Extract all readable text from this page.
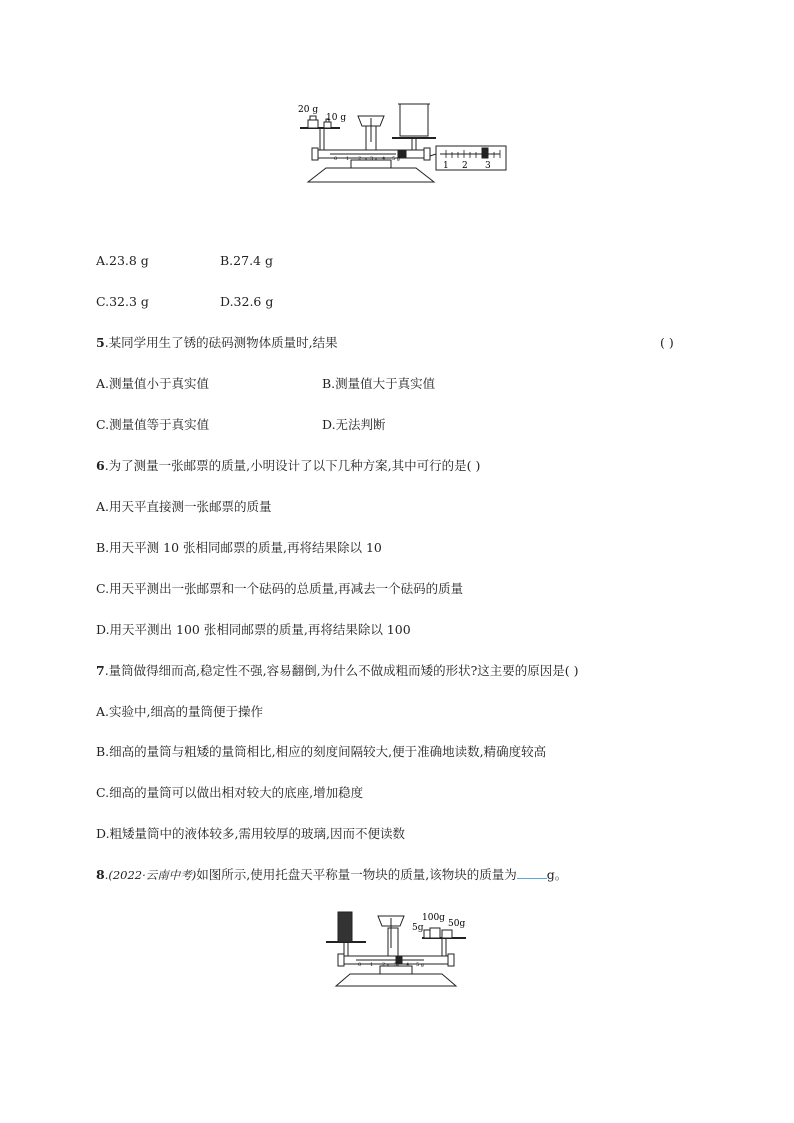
20 g
10 g
0 1 2 3 4 5 g
1 2 3
A.23.8 g	B.27.4 g
C.32.3 g	D.32.6 g
5.某同学用生了锈的砝码测物体质量时,结果	( )
A.测量值小于真实值	B.测量值大于真实值
C.测量值等于真实值	D.无法判断
6.为了测量一张邮票的质量,小明设计了以下几种方案,其中可行的是( )
A.用天平直接测一张邮票的质量
B.用天平测 10 张相同邮票的质量,再将结果除以 10
C.用天平测出一张邮票和一个砝码的总质量,再减去一个砝码的质量
D.用天平测出 100 张相同邮票的质量,再将结果除以 100
7.量筒做得细而高,稳定性不强,容易翻倒,为什么不做成粗而矮的形状?这主要的原因是( )
A.实验中,细高的量筒便于操作
B.细高的量筒与粗矮的量筒相比,相应的刻度间隔较大,便于准确地读数,精确度较高
C.细高的量筒可以做出相对较大的底座,增加稳度
D.粗矮量筒中的液体较多,需用较厚的玻璃,因而不便读数
8.(2022·云南中考)如图所示,使用托盘天平称量一物块的质量,该物块的质量为 g。
5g
100g
50g
0 1 2 3 4 5 g
